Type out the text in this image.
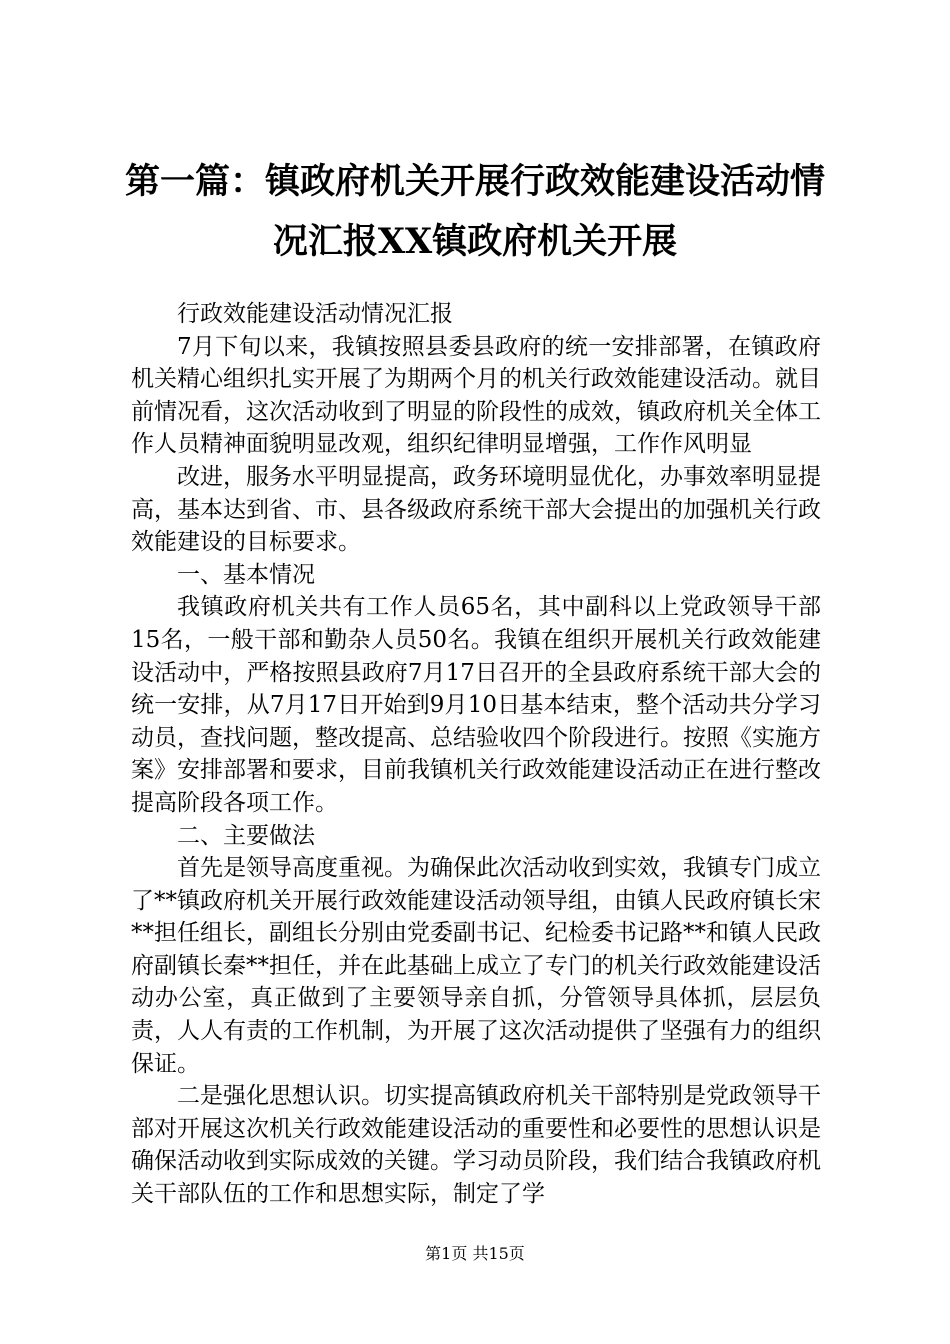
第一篇：镇政府机关开展行政效能建设活动情
况汇报XX镇政府机关开展

行政效能建设活动情况汇报

7月下旬以来，我镇按照县委县政府的统一安排部署，在镇政府机关精心组织扎实开展了为期两个月的机关行政效能建设活动。就目前情况看，这次活动收到了明显的阶段性的成效，镇政府机关全体工作人员精神面貌明显改观，组织纪律明显增强，工作作风明显

改进，服务水平明显提高，政务环境明显优化，办事效率明显提高，基本达到省、市、县各级政府系统干部大会提出的加强机关行政效能建设的目标要求。

一、基本情况

我镇政府机关共有工作人员65名，其中副科以上党政领导干部15名，一般干部和勤杂人员50名。我镇在组织开展机关行政效能建设活动中，严格按照县政府7月17日召开的全县政府系统干部大会的统一安排，从7月17日开始到9月10日基本结束，整个活动共分学习动员，查找问题，整改提高、总结验收四个阶段进行。按照《实施方案》安排部署和要求，目前我镇机关行政效能建设活动正在进行整改提高阶段各项工作。

二、主要做法

首先是领导高度重视。为确保此次活动收到实效，我镇专门成立了**镇政府机关开展行政效能建设活动领导组，由镇人民政府镇长宋**担任组长，副组长分别由党委副书记、纪检委书记路**和镇人民政府副镇长秦**担任，并在此基础上成立了专门的机关行政效能建设活动办公室，真正做到了主要领导亲自抓，分管领导具体抓，层层负责，人人有责的工作机制，为开展了这次活动提供了坚强有力的组织保证。

二是强化思想认识。切实提高镇政府机关干部特别是党政领导干部对开展这次机关行政效能建设活动的重要性和必要性的思想认识是确保活动收到实际成效的关键。学习动员阶段，我们结合我镇政府机关干部队伍的工作和思想实际，制定了学

第1页 共15页
